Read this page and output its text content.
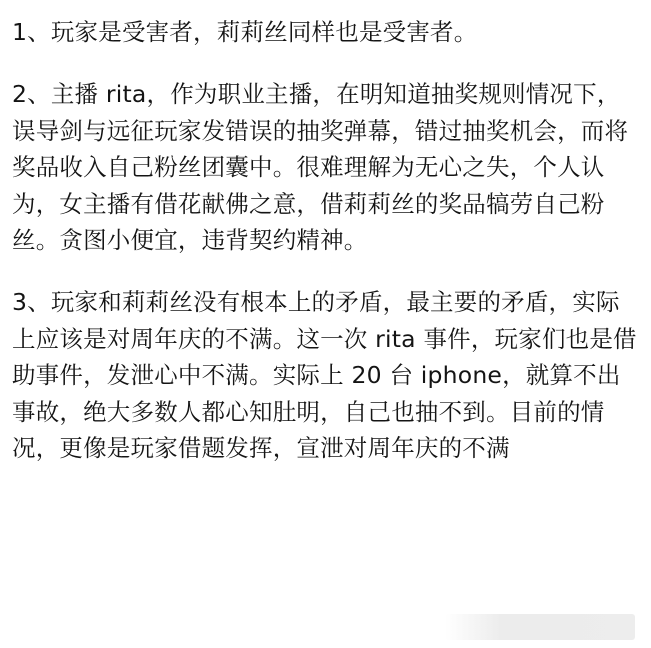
1、玩家是受害者，莉莉丝同样也是受害者。

2、主播 rita，作为职业主播，在明知道抽奖规则情况下，误导剑与远征玩家发错误的抽奖弹幕，错过抽奖机会，而将奖品收入自己粉丝团囊中。很难理解为无心之失，个人认为，女主播有借花献佛之意，借莉莉丝的奖品犒劳自己粉丝。贪图小便宜，违背契约精神。

3、玩家和莉莉丝没有根本上的矛盾，最主要的矛盾，实际上应该是对周年庆的不满。这一次 rita 事件，玩家们也是借助事件，发泄心中不满。实际上 20 台 iphone，就算不出事故，绝大多数人都心知肚明，自己也抽不到。目前的情况，更像是玩家借题发挥，宣泄对周年庆的不满
